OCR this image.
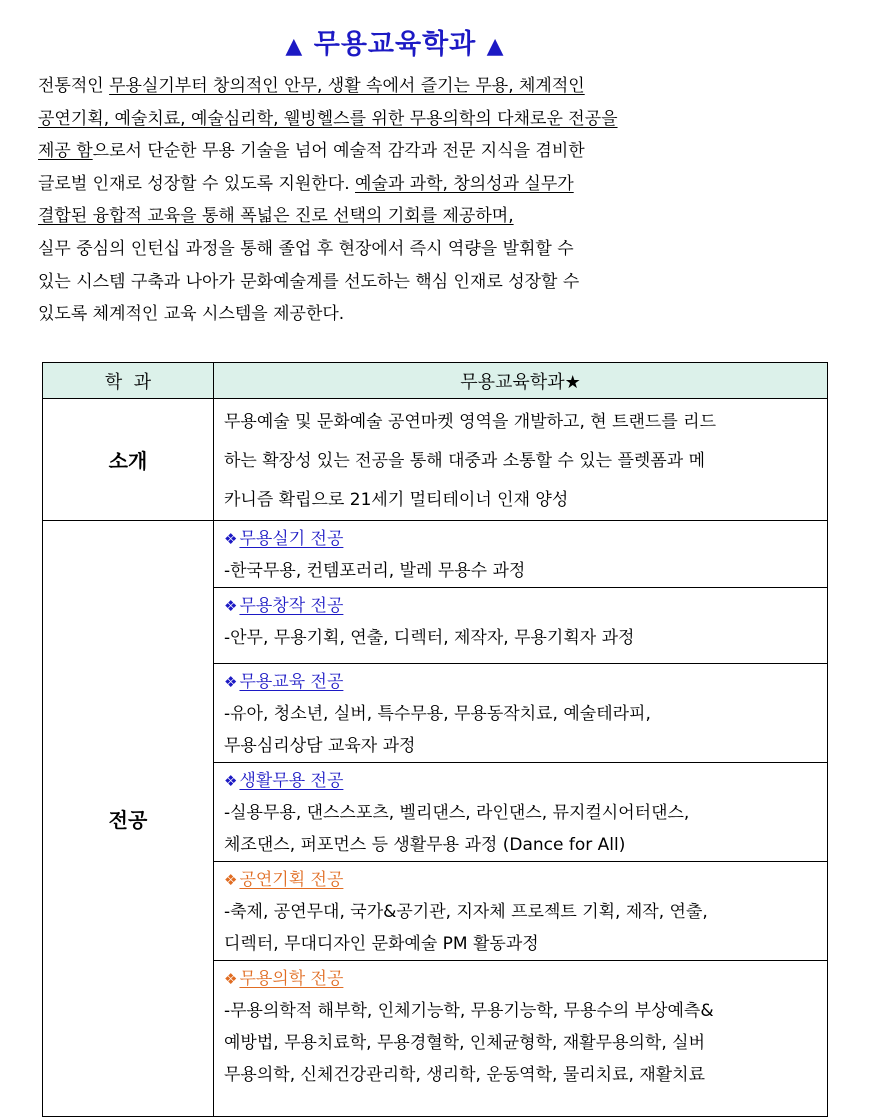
▲ 무용교육학과 ▲
전통적인 무용실기부터 창의적인 안무, 생활 속에서 즐기는 무용, 체계적인
공연기획, 예술치료, 예술심리학, 웰빙헬스를 위한 무용의학의 다채로운 전공을
제공 함으로서 단순한 무용 기술을 넘어 예술적 감각과 전문 지식을 겸비한
글로벌 인재로 성장할 수 있도록 지원한다. 예술과 과학, 창의성과 실무가
결합된 융합적 교육을 통해 폭넓은 진로 선택의 기회를 제공하며,
실무 중심의 인턴십 과정을 통해 졸업 후 현장에서 즉시 역량을 발휘할 수
있는 시스템 구축과 나아가 문화예술계를 선도하는 핵심 인재로 성장할 수
있도록 체계적인 교육 시스템을 제공한다.
학  과	무용교육학과★
소개	무용예술 및 문화예술 공연마켓 영역을 개발하고, 현 트랜드를 리드
하는 확장성 있는 전공을 통해 대중과 소통할 수 있는 플렛폼과 메
카니즘 확립으로 21세기 멀티테이너 인재 양성

전공	❖ 무용실기 전공
-한국무용, 컨템포러리, 발레 무용수 과정

	❖ 무용창작 전공
-안무, 무용기획, 연출, 디렉터, 제작자, 무용기획자 과정

	❖ 무용교육 전공
-유아, 청소년, 실버, 특수무용, 무용동작치료, 예술테라피,
무용심리상담 교육자 과정

	❖ 생활무용 전공
-실용무용, 댄스스포츠, 벨리댄스, 라인댄스, 뮤지컬시어터댄스,
체조댄스, 퍼포먼스 등 생활무용 과정 (Dance for All)

	❖ 공연기획 전공
-축제, 공연무대, 국가&공기관, 지자체 프로젝트 기획, 제작, 연출,
디렉터, 무대디자인 문화예술 PM 활동과정

	❖ 무용의학 전공
-무용의학적 해부학, 인체기능학, 무용기능학, 무용수의 부상예측&
예방법, 무용치료학, 무용경혈학, 인체균형학, 재활무용의학, 실버
무용의학, 신체건강관리학, 생리학, 운동역학, 물리치료, 재활치료
